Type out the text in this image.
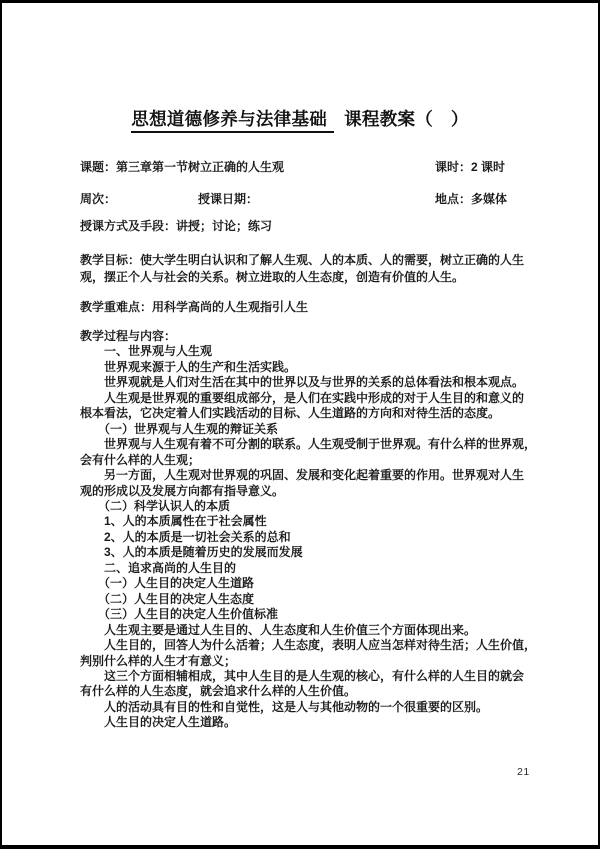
思想道德修养与法律基础 课程教案（　）
课题：第三章第一节树立正确的人生观	课时：2 课时
周次：	授课日期：	地点：多媒体
授课方式及手段：讲授；讨论；练习
教学目标：使大学生明白认识和了解人生观、人的本质、人的需要，树立正确的人生
观，摆正个人与社会的关系。树立进取的人生态度，创造有价值的人生。
教学重难点：用科学高尚的人生观指引人生
教学过程与内容：
　　一、世界观与人生观
　　世界观来源于人的生产和生活实践。
　　世界观就是人们对生活在其中的世界以及与世界的关系的总体看法和根本观点。
　　人生观是世界观的重要组成部分，是人们在实践中形成的对于人生目的和意义的
根本看法，它决定着人们实践活动的目标、人生道路的方向和对待生活的态度。
　　（一）世界观与人生观的辩证关系
　　世界观与人生观有着不可分割的联系。人生观受制于世界观。有什么样的世界观，
会有什么样的人生观；
　　另一方面，人生观对世界观的巩固、发展和变化起着重要的作用。世界观对人生
观的形成以及发展方向都有指导意义。
　　（二）科学认识人的本质
　　1、人的本质属性在于社会属性
　　2、人的本质是一切社会关系的总和
　　3、人的本质是随着历史的发展而发展
　　二、追求高尚的人生目的
　　（一）人生目的决定人生道路
　　（二）人生目的决定人生态度
　　（三）人生目的决定人生价值标准
　　人生观主要是通过人生目的、人生态度和人生价值三个方面体现出来。
　　人生目的，回答人为什么活着；人生态度，表明人应当怎样对待生活；人生价值，
判别什么样的人生才有意义；
　　这三个方面相辅相成，其中人生目的是人生观的核心，有什么样的人生目的就会
有什么样的人生态度，就会追求什么样的人生价值。
　　人的活动具有目的性和自觉性，这是人与其他动物的一个很重要的区别。
　　人生目的决定人生道路。
21
